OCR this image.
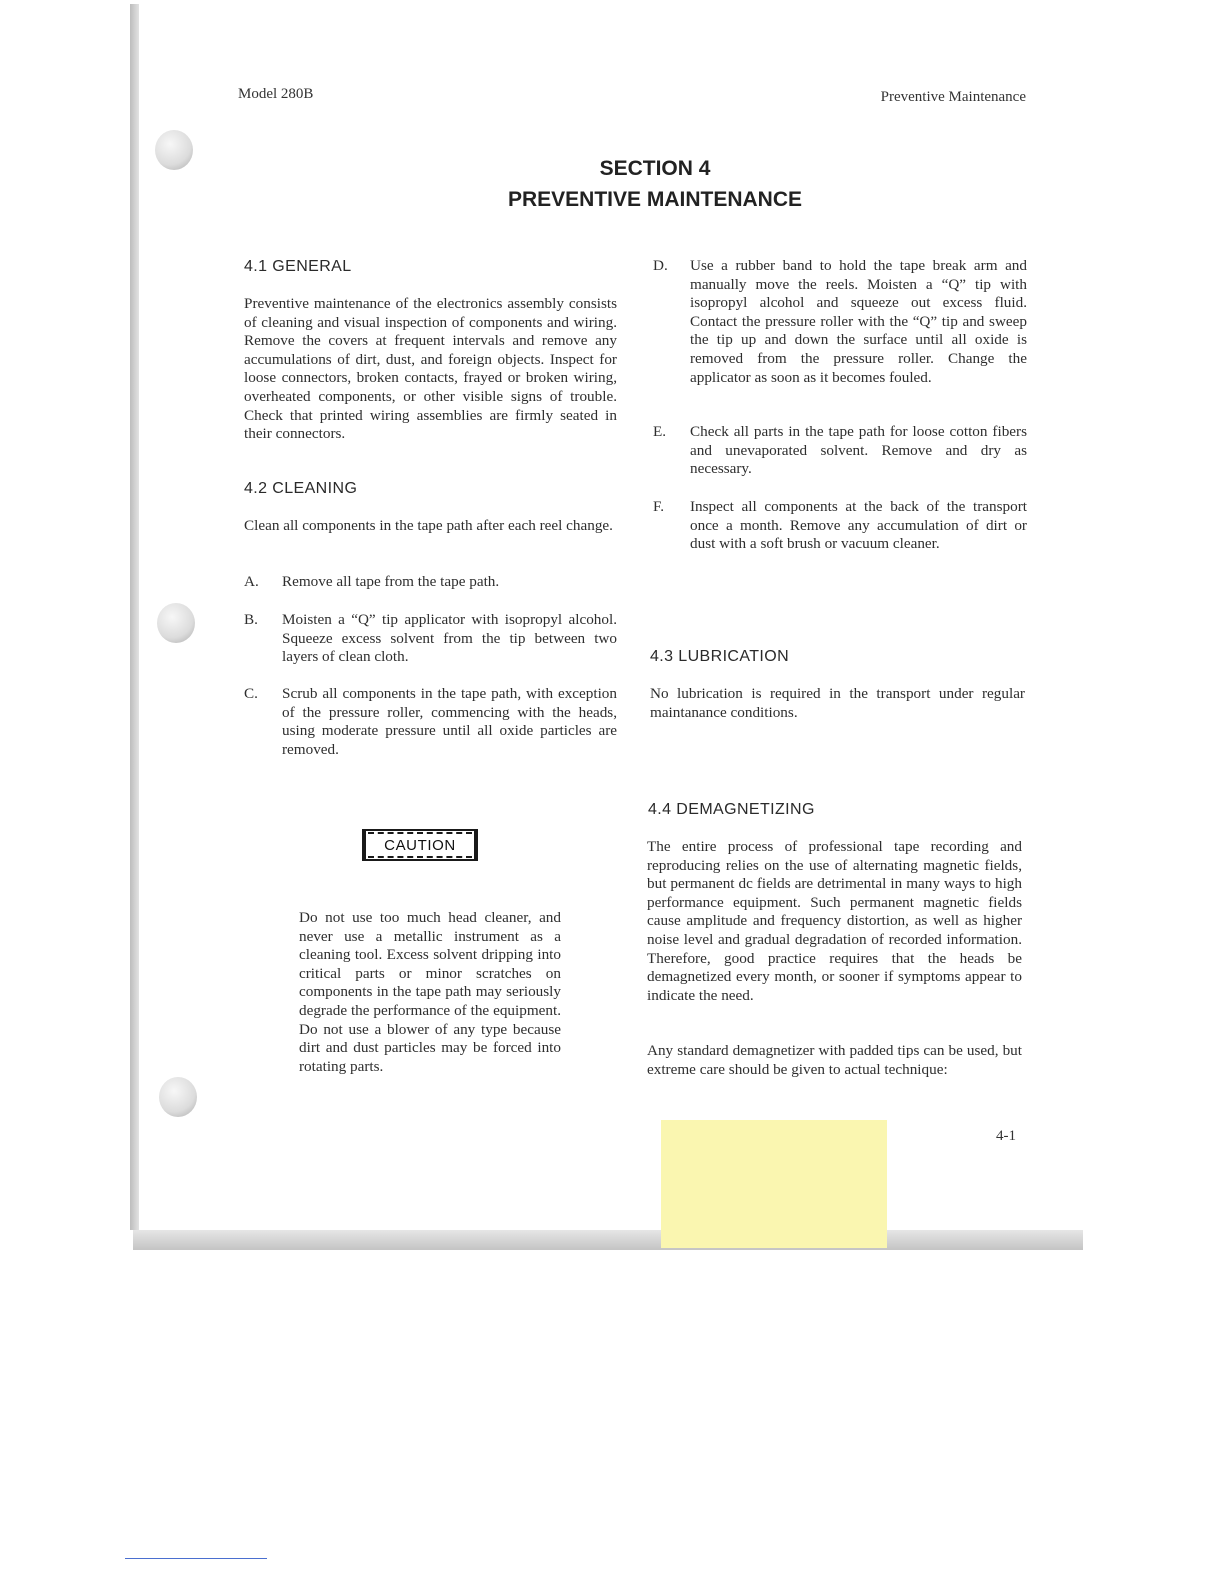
Model 280B	Preventive Maintenance
SECTION 4
PREVENTIVE MAINTENANCE
4.1 GENERAL
Preventive maintenance of the electronics assembly consists of cleaning and visual inspection of components and wiring. Remove the covers at frequent intervals and remove any accumulations of dirt, dust, and foreign objects. Inspect for loose connectors, broken contacts, frayed or broken wiring, overheated components, or other visible signs of trouble. Check that printed wiring assemblies are firmly seated in their connectors.
4.2 CLEANING
Clean all components in the tape path after each reel change.
A. Remove all tape from the tape path.
B. Moisten a “Q” tip applicator with isopropyl alcohol. Squeeze excess solvent from the tip between two layers of clean cloth.
C. Scrub all components in the tape path, with exception of the pressure roller, commencing with the heads, using moderate pressure until all oxide particles are removed.
CAUTION
Do not use too much head cleaner, and never use a metallic instrument as a cleaning tool. Excess solvent dripping into critical parts or minor scratches on components in the tape path may seriously degrade the performance of the equipment. Do not use a blower of any type because dirt and dust particles may be forced into rotating parts.
D. Use a rubber band to hold the tape break arm and manually move the reels. Moisten a “Q” tip with isopropyl alcohol and squeeze out excess fluid. Contact the pressure roller with the “Q” tip and sweep the tip up and down the surface until all oxide is removed from the pressure roller. Change the applicator as soon as it becomes fouled.
E. Check all parts in the tape path for loose cotton fibers and unevaporated solvent. Remove and dry as necessary.
F. Inspect all components at the back of the transport once a month. Remove any accumulation of dirt or dust with a soft brush or vacuum cleaner.
4.3 LUBRICATION
No lubrication is required in the transport under regular maintanance conditions.
4.4 DEMAGNETIZING
The entire process of professional tape recording and reproducing relies on the use of alternating magnetic fields, but permanent dc fields are detrimental in many ways to high performance equipment. Such permanent magnetic fields cause amplitude and frequency distortion, as well as higher noise level and gradual degradation of recorded information. Therefore, good practice requires that the heads be demagnetized every month, or sooner if symptoms appear to indicate the need.
Any standard demagnetizer with padded tips can be used, but extreme care should be given to actual technique:
4-1
